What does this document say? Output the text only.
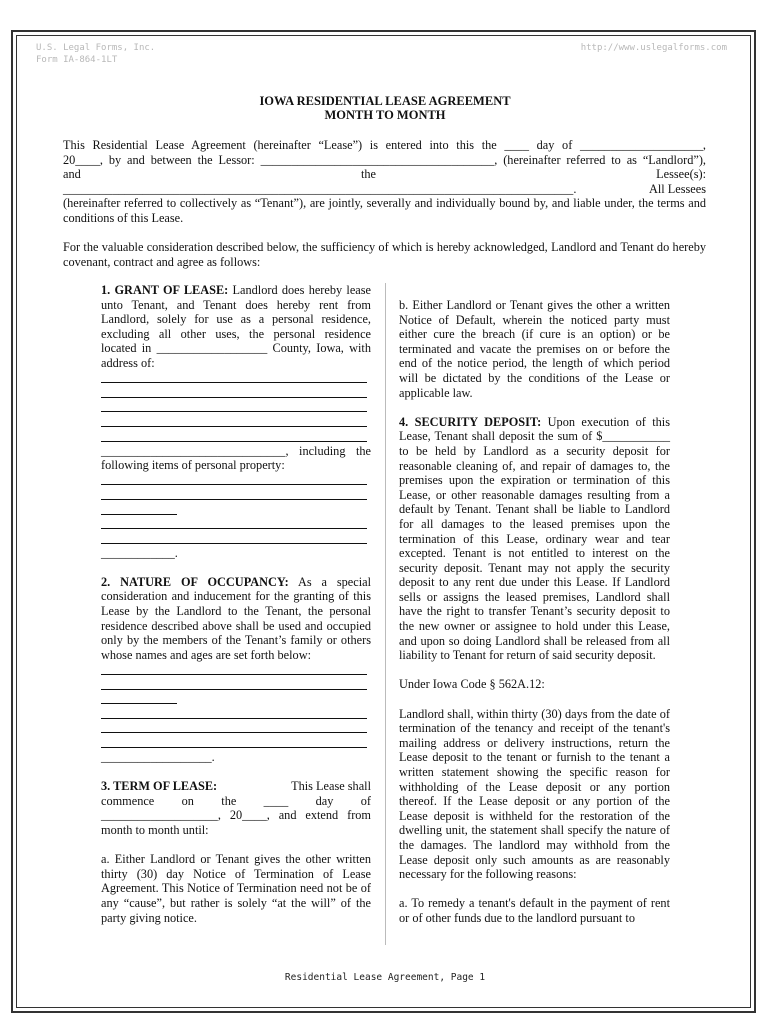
U.S. Legal Forms, Inc.
Form IA-864-1LT
http://www.uslegalforms.com
IOWA RESIDENTIAL LEASE AGREEMENT
MONTH TO MONTH
This Residential Lease Agreement (hereinafter “Lease”) is entered into this the ____ day of ____________________,
20____, by and between the Lessor: ______________________________________, (hereinafter referred to as “Landlord”),
and	the	Lessee(s):
___________________________________________________________________________________.	All Lessees
(hereinafter referred to collectively as “Tenant”), are jointly, severally and individually bound by, and liable under, the terms and conditions of this Lease.
For the valuable consideration described below, the sufficiency of which is hereby acknowledged, Landlord and Tenant do hereby covenant, contract and agree as follows:

1. GRANT OF LEASE: Landlord does hereby lease unto Tenant, and Tenant does hereby rent from Landlord, solely for use as a personal residence, excluding all other uses, the personal residence located in __________________ County, Iowa, with address of:

______________________________, including the following items of personal property:

____________.

2. NATURE OF OCCUPANCY: As a special consideration and inducement for the granting of this Lease by the Landlord to the Tenant, the personal residence described above shall be used and occupied only by the members of the Tenant’s family or others whose names and ages are set forth below:

__________________.

3. TERM OF LEASE:	This Lease shall
commence on the ____ day of

___________________, 20____, and extend from month to month until:

a. Either Landlord or Tenant gives the other written thirty (30) day Notice of Termination of Lease Agreement. This Notice of Termination need not be of any “cause”, but rather is solely “at the will” of the party giving notice.

b. Either Landlord or Tenant gives the other a written Notice of Default, wherein the noticed party must either cure the breach (if cure is an option) or be terminated and vacate the premises on or before the end of the notice period, the length of which period will be dictated by the conditions of the Lease or applicable law.

4. SECURITY DEPOSIT: Upon execution of this Lease, Tenant shall deposit the sum of $___________ to be held by Landlord as a security deposit for reasonable cleaning of, and repair of damages to, the premises upon the expiration or termination of this Lease, or other reasonable damages resulting from a default by Tenant. Tenant shall be liable to Landlord for all damages to the leased premises upon the termination of this Lease, ordinary wear and tear excepted. Tenant is not entitled to interest on the security deposit. Tenant may not apply the security deposit to any rent due under this Lease. If Landlord sells or assigns the leased premises, Landlord shall have the right to transfer Tenant’s security deposit to the new owner or assignee to hold under this Lease, and upon so doing Landlord shall be released from all liability to Tenant for return of said security deposit.

Under Iowa Code § 562A.12:

Landlord shall, within thirty (30) days from the date of termination of the tenancy and receipt of the tenant's mailing address or delivery instructions, return the Lease deposit to the tenant or furnish to the tenant a written statement showing the specific reason for withholding of the Lease deposit or any portion thereof. If the Lease deposit or any portion of the Lease deposit is withheld for the restoration of the dwelling unit, the statement shall specify the nature of the damages. The landlord may withhold from the Lease deposit only such amounts as are reasonably necessary for the following reasons:

a. To remedy a tenant's default in the payment of rent or of other funds due to the landlord pursuant to

Residential Lease Agreement, Page 1
